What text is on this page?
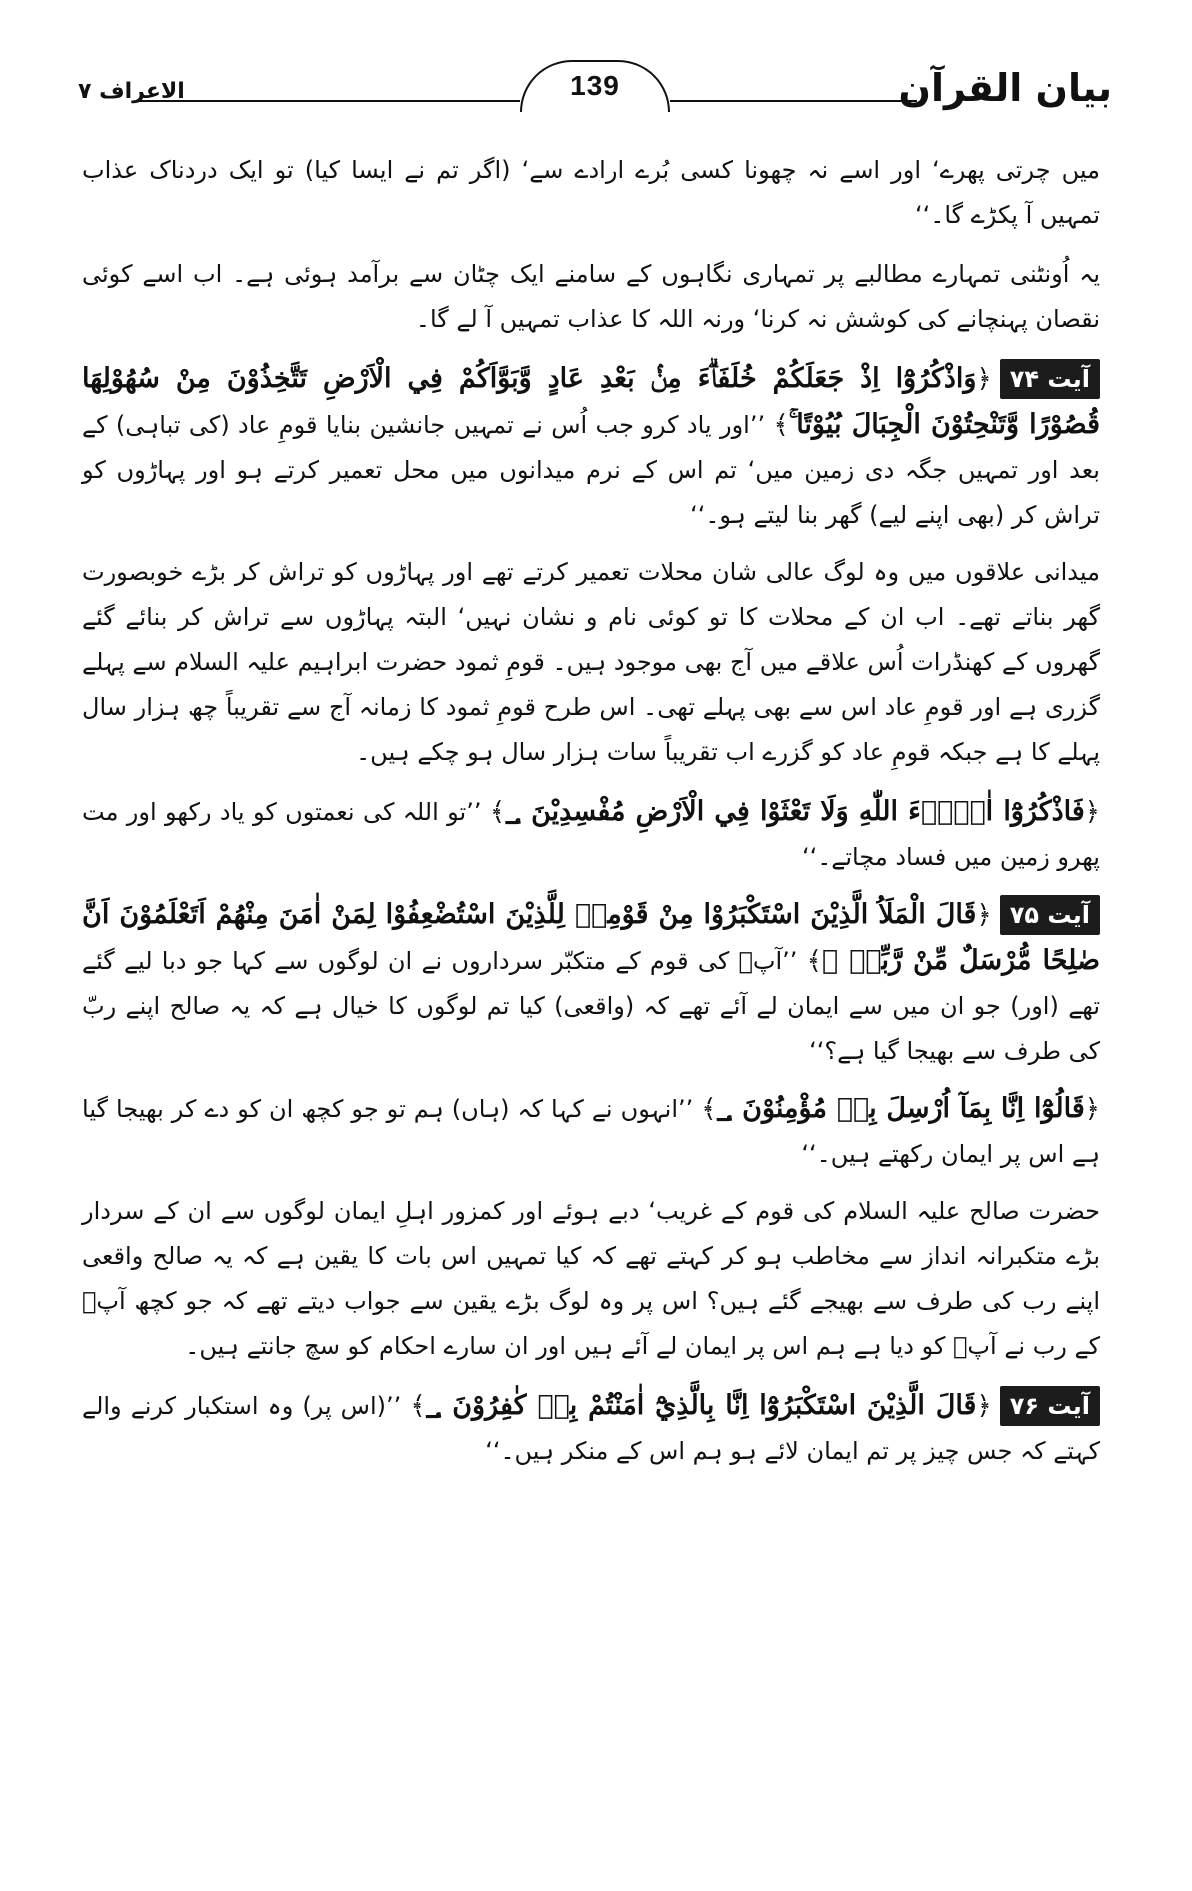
139	بیان القرآن
الاعراف ۷

میں چرتی پھرے‘ اور اسے نہ چھونا کسی بُرے ارادے سے‘ (اگر تم نے ایسا کیا) تو ایک دردناک عذاب تمہیں آ پکڑے گا۔‘‘

یہ اُونٹنی تمہارے مطالبے پر تمہاری نگاہوں کے سامنے ایک چٹان سے برآمد ہوئی ہے۔ اب اسے کوئی نقصان پہنچانے کی کوشش نہ کرنا‘ ورنہ اللہ کا عذاب تمہیں آ لے گا۔

آیت ۷۴﴿وَاذْكُرُوْٓا اِذْ جَعَلَكُمْ خُلَفَاۗءَ مِنْۢ بَعْدِ عَادٍ وَّبَوَّاَكُمْ فِي الْاَرْضِ تَتَّخِذُوْنَ مِنْ سُهُوْلِهَا قُصُوْرًا وَّتَنْحِتُوْنَ الْجِبَالَ بُيُوْتًا ۚ﴾ ’’اور یاد کرو جب اُس نے تمہیں جانشین بنایا قومِ عاد (کی تباہی) کے بعد اور تمہیں جگہ دی زمین میں‘ تم اس کے نرم میدانوں میں محل تعمیر کرتے ہو اور پہاڑوں کو تراش کر (بھی اپنے لیے) گھر بنا لیتے ہو۔‘‘

میدانی علاقوں میں وہ لوگ عالی شان محلات تعمیر کرتے تھے اور پہاڑوں کو تراش کر بڑے خوبصورت گھر بناتے تھے۔ اب ان کے محلات کا تو کوئی نام و نشان نہیں‘ البتہ پہاڑوں سے تراش کر بنائے گئے گھروں کے کھنڈرات اُس علاقے میں آج بھی موجود ہیں۔ قومِ ثمود حضرت ابراہیم علیہ السلام سے پہلے گزری ہے اور قومِ عاد اس سے بھی پہلے تھی۔ اس طرح قومِ ثمود کا زمانہ آج سے تقریباً چھ ہزار سال پہلے کا ہے جبکہ قومِ عاد کو گزرے اب تقریباً سات ہزار سال ہو چکے ہیں۔

﴿فَاذْكُرُوْٓا اٰلَاۗءَ اللّٰهِ وَلَا تَعْثَوْا فِي الْاَرْضِ مُفْسِدِيْنَ ؀﴾ ’’تو اللہ کی نعمتوں کو یاد رکھو اور مت پھرو زمین میں فساد مچاتے۔‘‘

آیت ۷۵﴿قَالَ الْمَلَاُ الَّذِيْنَ اسْتَكْبَرُوْا مِنْ قَوْمِهٖ لِلَّذِيْنَ اسْتُضْعِفُوْا لِمَنْ اٰمَنَ مِنْهُمْ اَتَعْلَمُوْنَ اَنَّ صٰلِحًا مُّرْسَلٌ مِّنْ رَّبِّهٖ ۭ﴾ ’’آپؑ کی قوم کے متکبّر سرداروں نے ان لوگوں سے کہا جو دبا لیے گئے تھے (اور) جو ان میں سے ایمان لے آئے تھے کہ (واقعی) کیا تم لوگوں کا خیال ہے کہ یہ صالح اپنے ربّ کی طرف سے بھیجا گیا ہے؟‘‘

﴿قَالُوْٓا اِنَّا بِمَآ اُرْسِلَ بِهٖ مُؤْمِنُوْنَ ؀﴾ ’’انہوں نے کہا کہ (ہاں) ہم تو جو کچھ ان کو دے کر بھیجا گیا ہے اس پر ایمان رکھتے ہیں۔‘‘

حضرت صالح علیہ السلام کی قوم کے غریب‘ دبے ہوئے اور کمزور اہلِ ایمان لوگوں سے ان کے سردار بڑے متکبرانہ انداز سے مخاطب ہو کر کہتے تھے کہ کیا تمہیں اس بات کا یقین ہے کہ یہ صالح واقعی اپنے رب کی طرف سے بھیجے گئے ہیں؟ اس پر وہ لوگ بڑے یقین سے جواب دیتے تھے کہ جو کچھ آپؑ کے رب نے آپؑ کو دیا ہے ہم اس پر ایمان لے آئے ہیں اور ان سارے احکام کو سچ جانتے ہیں۔

آیت ۷۶﴿قَالَ الَّذِيْنَ اسْتَكْبَرُوْٓا اِنَّا بِالَّذِيْٓ اٰمَنْتُمْ بِهٖ كٰفِرُوْنَ ؀﴾ ’’(اس پر) وہ استکبار کرنے والے کہتے کہ جس چیز پر تم ایمان لائے ہو ہم اس کے منکر ہیں۔‘‘
